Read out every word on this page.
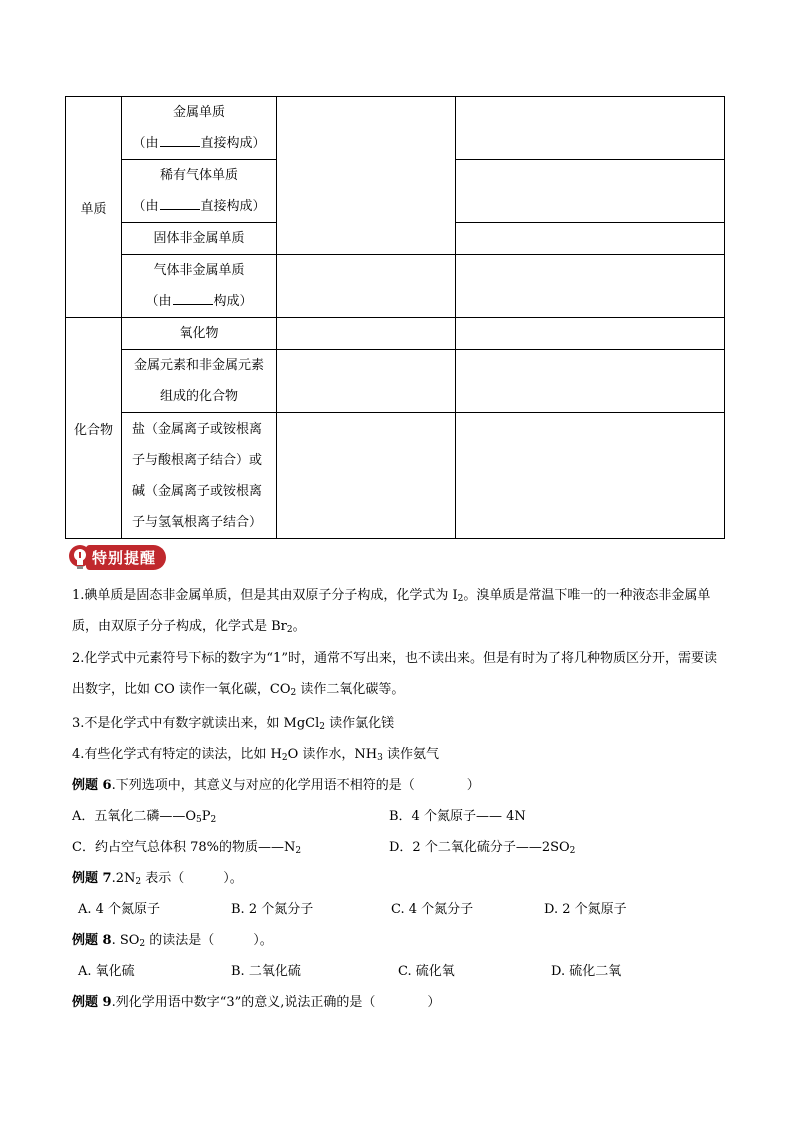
单质	金属单质
（由 直接构成）		

	稀有气体单质
（由 直接构成）		

	固体非金属单质		

	气体非金属单质
（由 构成）		

化合物	氧化物		

	金属元素和非金属元素
组成的化合物		

	盐（金属离子或铵根离
子与酸根离子结合）或
碱（金属离子或铵根离
子与氢氧根离子结合）		

特别提醒
1.碘单质是固态非金属单质，但是其由双原子分子构成，化学式为 $I_2$。溴单质是常温下唯一的一种液态非金属单质，由双原子分子构成，化学式是 $Br_2$。
2.化学式中元素符号下标的数字为“1”时，通常不写出来，也不读出来。但是有时为了将几种物质区分开，需要读出数字，比如 CO 读作一氧化碳，$CO_2$ 读作二氧化碳等。
3.不是化学式中有数字就读出来，如 MgCl$_2$ 读作氯化镁
4.有些化学式有特定的读法，比如 $H_2O$ 读作水，$NH_3$ 读作氨气
例题 6.下列选项中，其意义与对应的化学用语不相符的是（　　　　）
A．五氧化二磷$——O_5P_2$	B．4 个氮原子—— 4N
C．约占空气总体积 78%的物质$——N_2$	D．2 个二氧化硫分子$——2SO_2$
例题 $7.2N_2$ 表示（　　　）。
A. 4 个氮原子	B. 2 个氮分子	C. 4 个氮分子	D. 2 个氮原子
例题 8. $SO_2$ 的读法是（　　　）。
A. 氧化硫	B. 二氧化硫	C. 硫化氧	D. 硫化二氧
例题 9.列化学用语中数字“3”的意义,说法正确的是（　　　　）
